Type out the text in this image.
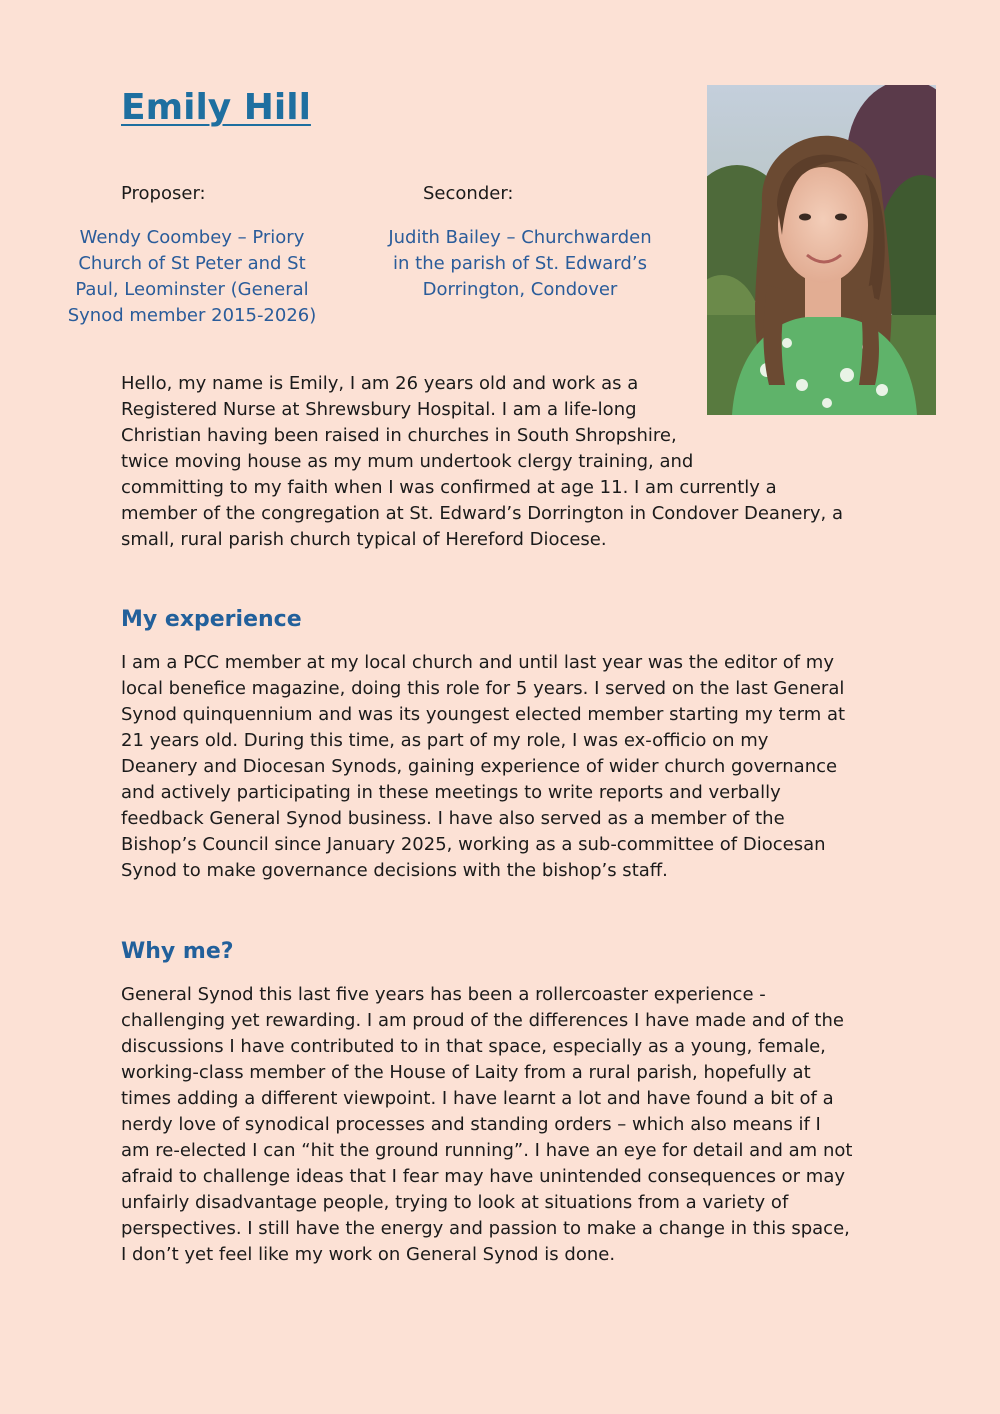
Emily Hill
Proposer:	Seconder:
Wendy Coombey – Priory
Church of St Peter and St
Paul, Leominster (General
Synod member 2015-2026)
Judith Bailey – Churchwarden
in the parish of St. Edward’s
Dorrington, Condover

Hello, my name is Emily, I am 26 years old and work as a
Registered Nurse at Shrewsbury Hospital. I am a life-long
Christian having been raised in churches in South Shropshire,
twice moving house as my mum undertook clergy training, and
committing to my faith when I was confirmed at age 11. I am currently a
member of the congregation at St. Edward’s Dorrington in Condover Deanery, a
small, rural parish church typical of Hereford Diocese.

My experience

I am a PCC member at my local church and until last year was the editor of my
local benefice magazine, doing this role for 5 years. I served on the last General
Synod quinquennium and was its youngest elected member starting my term at
21 years old. During this time, as part of my role, I was ex-officio on my
Deanery and Diocesan Synods, gaining experience of wider church governance
and actively participating in these meetings to write reports and verbally
feedback General Synod business. I have also served as a member of the
Bishop’s Council since January 2025, working as a sub-committee of Diocesan
Synod to make governance decisions with the bishop’s staff.

Why me?

General Synod this last five years has been a rollercoaster experience -
challenging yet rewarding. I am proud of the differences I have made and of the
discussions I have contributed to in that space, especially as a young, female,
working-class member of the House of Laity from a rural parish, hopefully at
times adding a different viewpoint. I have learnt a lot and have found a bit of a
nerdy love of synodical processes and standing orders – which also means if I
am re-elected I can “hit the ground running”. I have an eye for detail and am not
afraid to challenge ideas that I fear may have unintended consequences or may
unfairly disadvantage people, trying to look at situations from a variety of
perspectives. I still have the energy and passion to make a change in this space,
I don’t yet feel like my work on General Synod is done.
